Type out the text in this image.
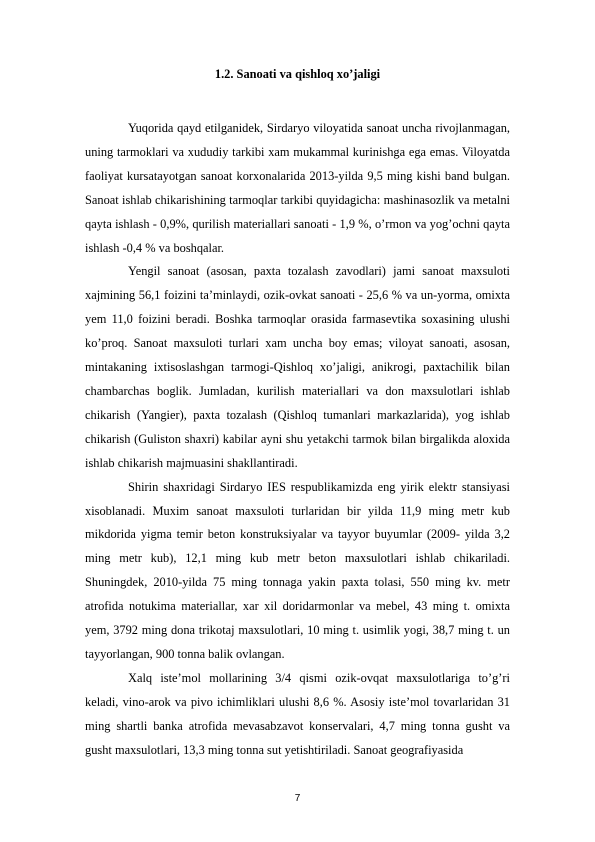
1.2. Sanoati va qishloq xo’jaligi

Yuqorida qayd etilganidek, Sirdaryo viloyatida sanoat uncha rivojlanmagan, uning tarmoklari va xududiy tarkibi xam mukammal kurinishga ega emas. Viloyatda faoliyat kursatayotgan sanoat korxonalarida 2013-yilda 9,5 ming kishi band bulgan. Sanoat ishlab chikarishining tarmoqlar tarkibi quyidagicha: mashinasozlik va metalni qayta ishlash - 0,9%, qurilish materiallari sanoati - 1,9 %, o’rmon va yog’ochni qayta ishlash -0,4 % va boshqalar.

Yengil sanoat (asosan, paxta tozalash zavodlari) jami sanoat maxsuloti xajmining 56,1 foizini ta’minlaydi, ozik-ovkat sanoati - 25,6 % va un-yorma, omixta yem 11,0 foizini beradi. Boshka tarmoqlar orasida farmasevtika soxasining ulushi ko’proq. Sanoat maxsuloti turlari xam uncha boy emas; viloyat sanoati, asosan, mintakaning ixtisoslashgan tarmogi-Qishloq xo’jaligi, anikrogi, paxtachilik bilan chambarchas boglik. Jumladan, kurilish materiallari va don maxsulotlari ishlab chikarish (Yangier), paxta tozalash (Qishloq tumanlari markazlarida), yog ishlab chikarish (Guliston shaxri) kabilar ayni shu yetakchi tarmok bilan birgalikda aloxida ishlab chikarish majmuasini shakllantiradi.

Shirin shaxridagi Sirdaryo IES respublikamizda eng yirik elektr stansiyasi xisoblanadi. Muxim sanoat maxsuloti turlaridan bir yilda 11,9 ming metr kub mikdorida yigma temir beton konstruksiyalar va tayyor buyumlar (2009- yilda 3,2 ming metr kub), 12,1 ming kub metr beton maxsulotlari ishlab chikariladi. Shuningdek, 2010-yilda 75 ming tonnaga yakin paxta tolasi, 550 ming kv. metr atrofida notukima materiallar, xar xil doridarmonlar va mebel, 43 ming t. omixta yem, 3792 ming dona trikotaj maxsulotlari, 10 ming t. usimlik yogi, 38,7 ming t. un tayyorlangan, 900 tonna balik ovlangan.

Xalq iste’mol mollarining 3/4 qismi ozik-ovqat maxsulotlariga to’g’ri keladi, vino-arok va pivo ichimliklari ulushi 8,6 %. Asosiy iste’mol tovarlaridan 31 ming shartli banka atrofida mevasabzavot konservalari, 4,7 ming tonna gusht va gusht maxsulotlari, 13,3 ming tonna sut yetishtiriladi. Sanoat geografiyasida

7
